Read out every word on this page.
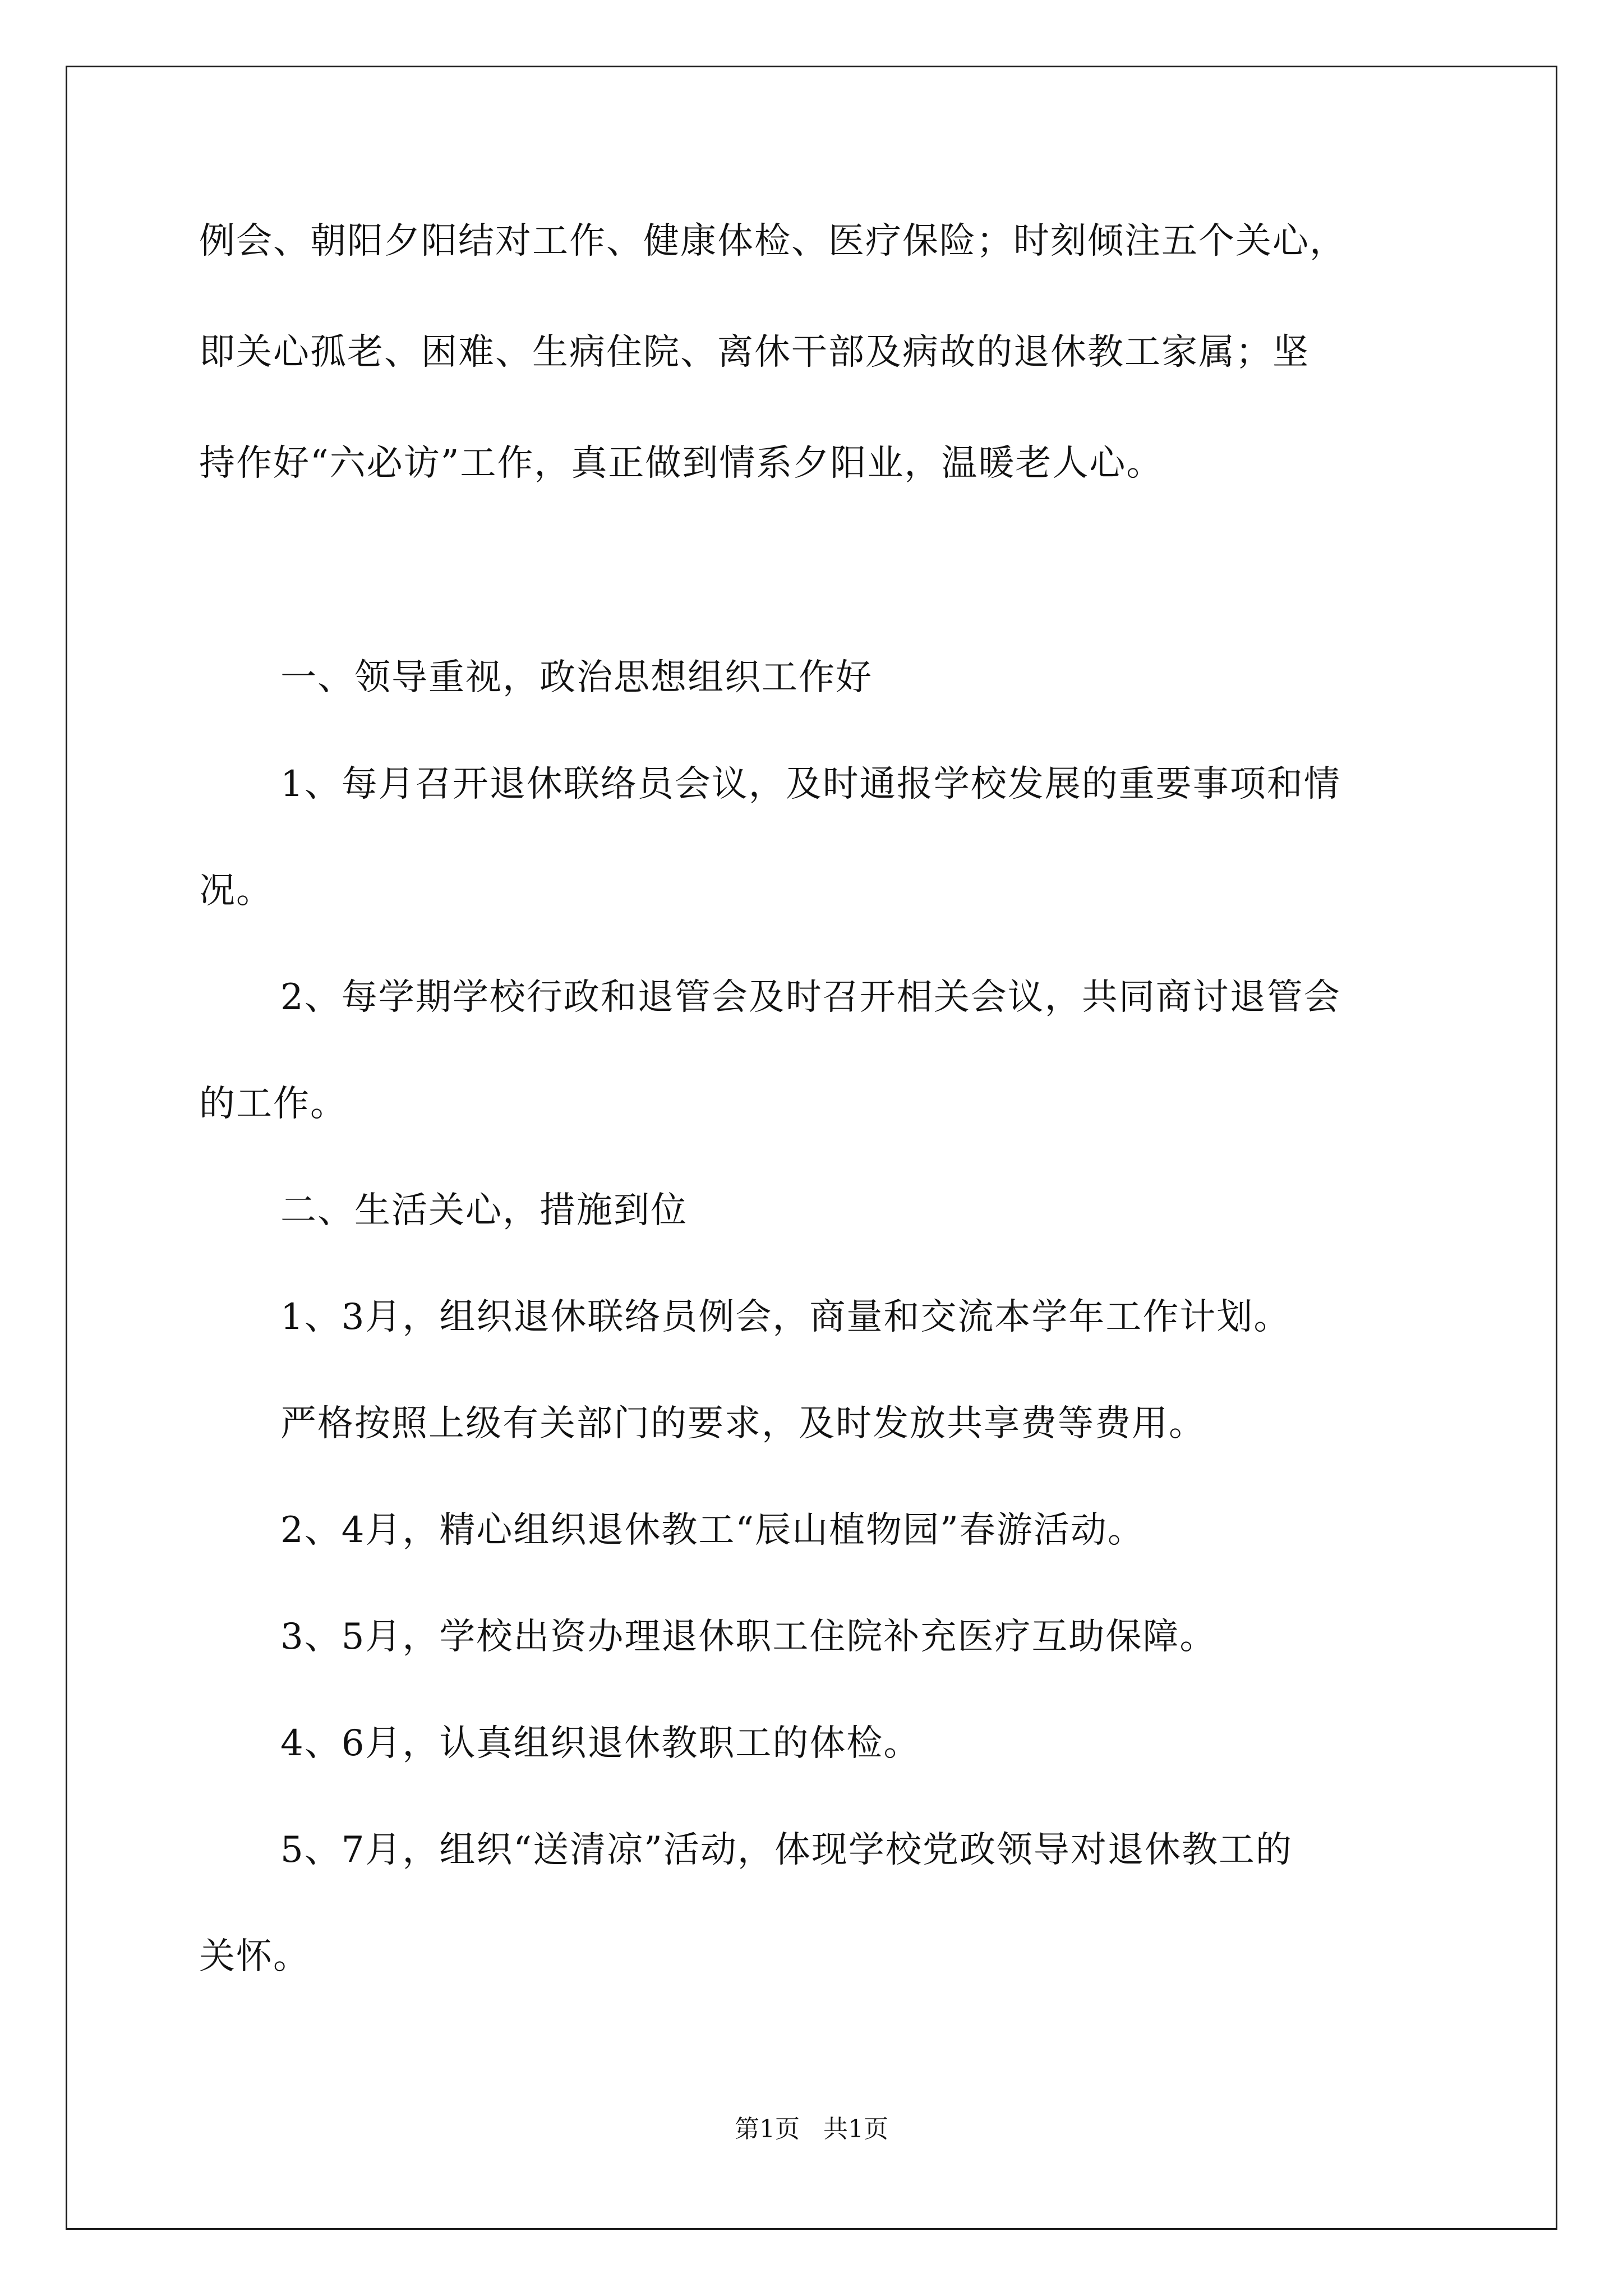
例会、朝阳夕阳结对工作、健康体检、医疗保险；时刻倾注五个关心，
即关心孤老、困难、生病住院、离休干部及病故的退休教工家属；坚
持作好“六必访”工作，真正做到情系夕阳业，温暖老人心。
一、领导重视，政治思想组织工作好
1、每月召开退休联络员会议，及时通报学校发展的重要事项和情
况。
2、每学期学校行政和退管会及时召开相关会议，共同商讨退管会
的工作。
二、生活关心，措施到位
1、3月，组织退休联络员例会，商量和交流本学年工作计划。
严格按照上级有关部门的要求，及时发放共享费等费用。
2、4月，精心组织退休教工“辰山植物园”春游活动。
3、5月，学校出资办理退休职工住院补充医疗互助保障。
4、6月，认真组织退休教职工的体检。
5、7月，组织“送清凉”活动，体现学校党政领导对退休教工的
关怀。
第1页   共1页
